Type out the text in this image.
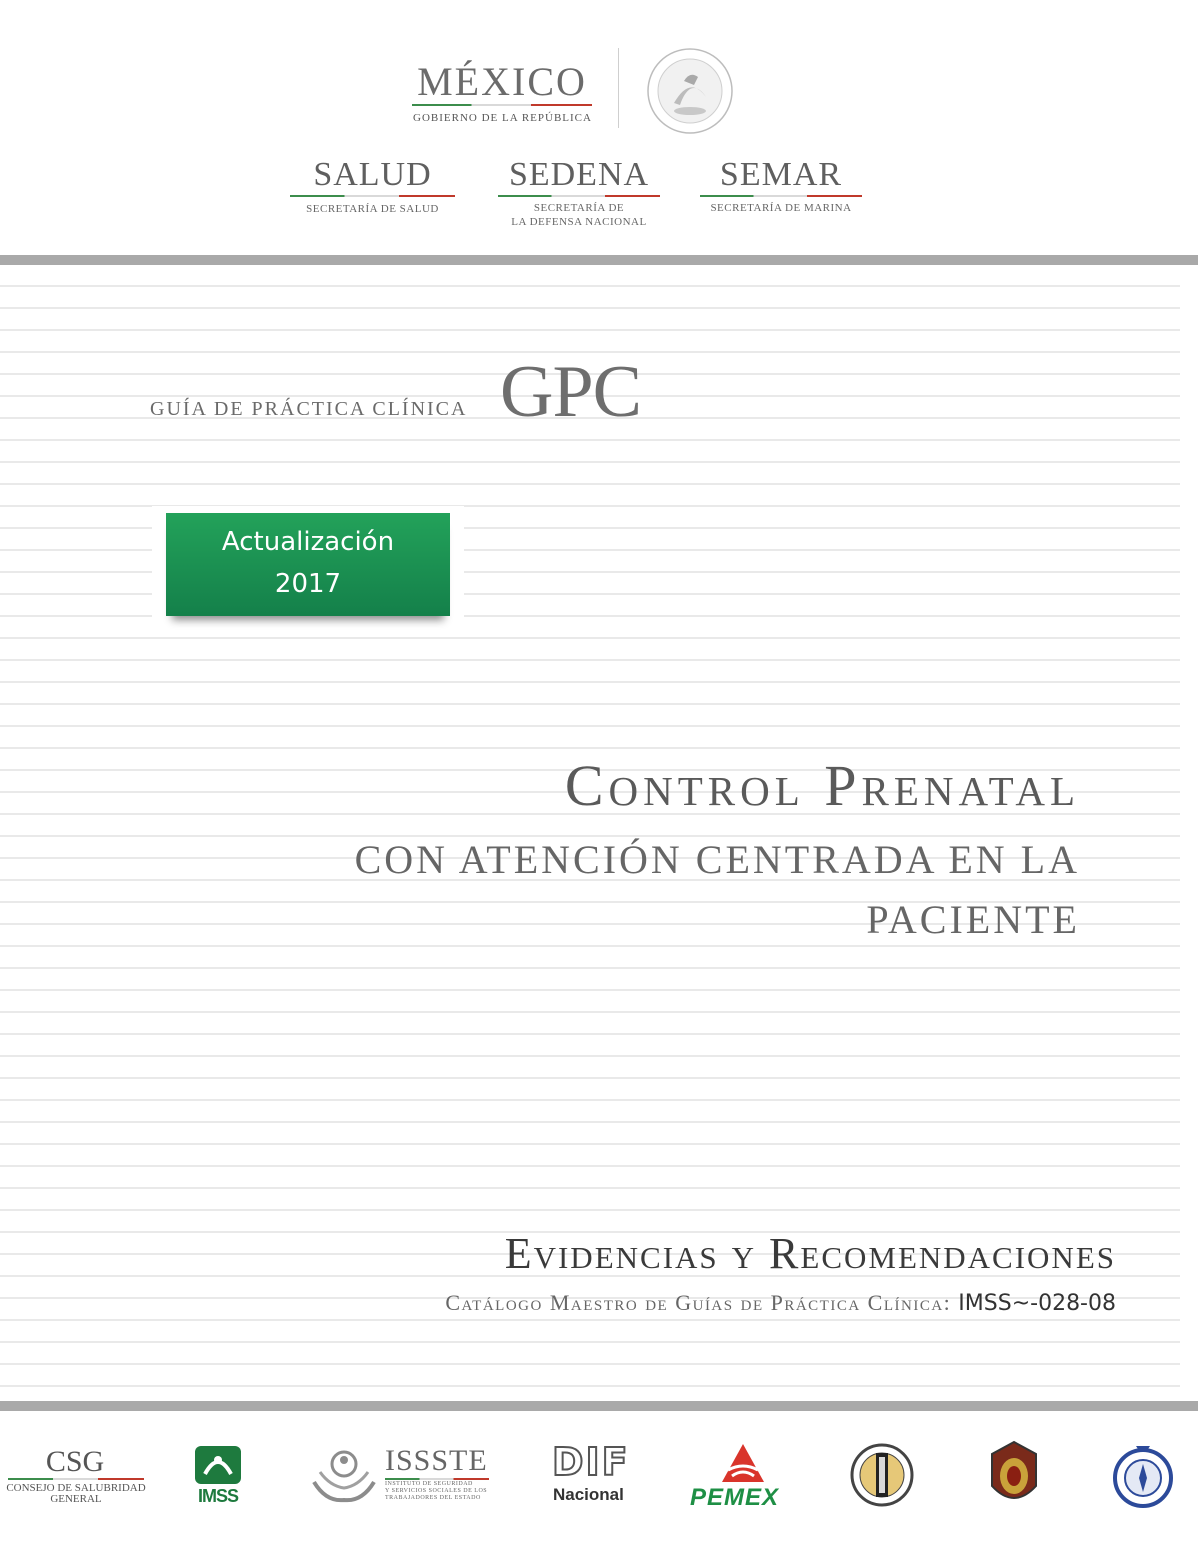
MÉXICO
GOBIERNO DE LA REPÚBLICA
SALUD
SECRETARÍA DE SALUD
SEDENA
SECRETARÍA DE
LA DEFENSA NACIONAL
SEMAR
SECRETARÍA DE MARINA
GUÍA DE PRÁCTICA CLÍNICA GPC
Actualización
2017
Control Prenatal
CON ATENCIÓN CENTRADA EN LA
PACIENTE
Evidencias y Recomendaciones
Catálogo Maestro de Guías de Práctica Clínica: IMSS~-028-08
CSG
CONSEJO DE SALUBRIDAD
GENERAL	IMSS
ISSSTE
INSTITUTO DE SEGURIDAD
Y SERVICIOS SOCIALES DE LOS
TRABAJADORES DEL ESTADO
DIF
Nacional	PEMEX
